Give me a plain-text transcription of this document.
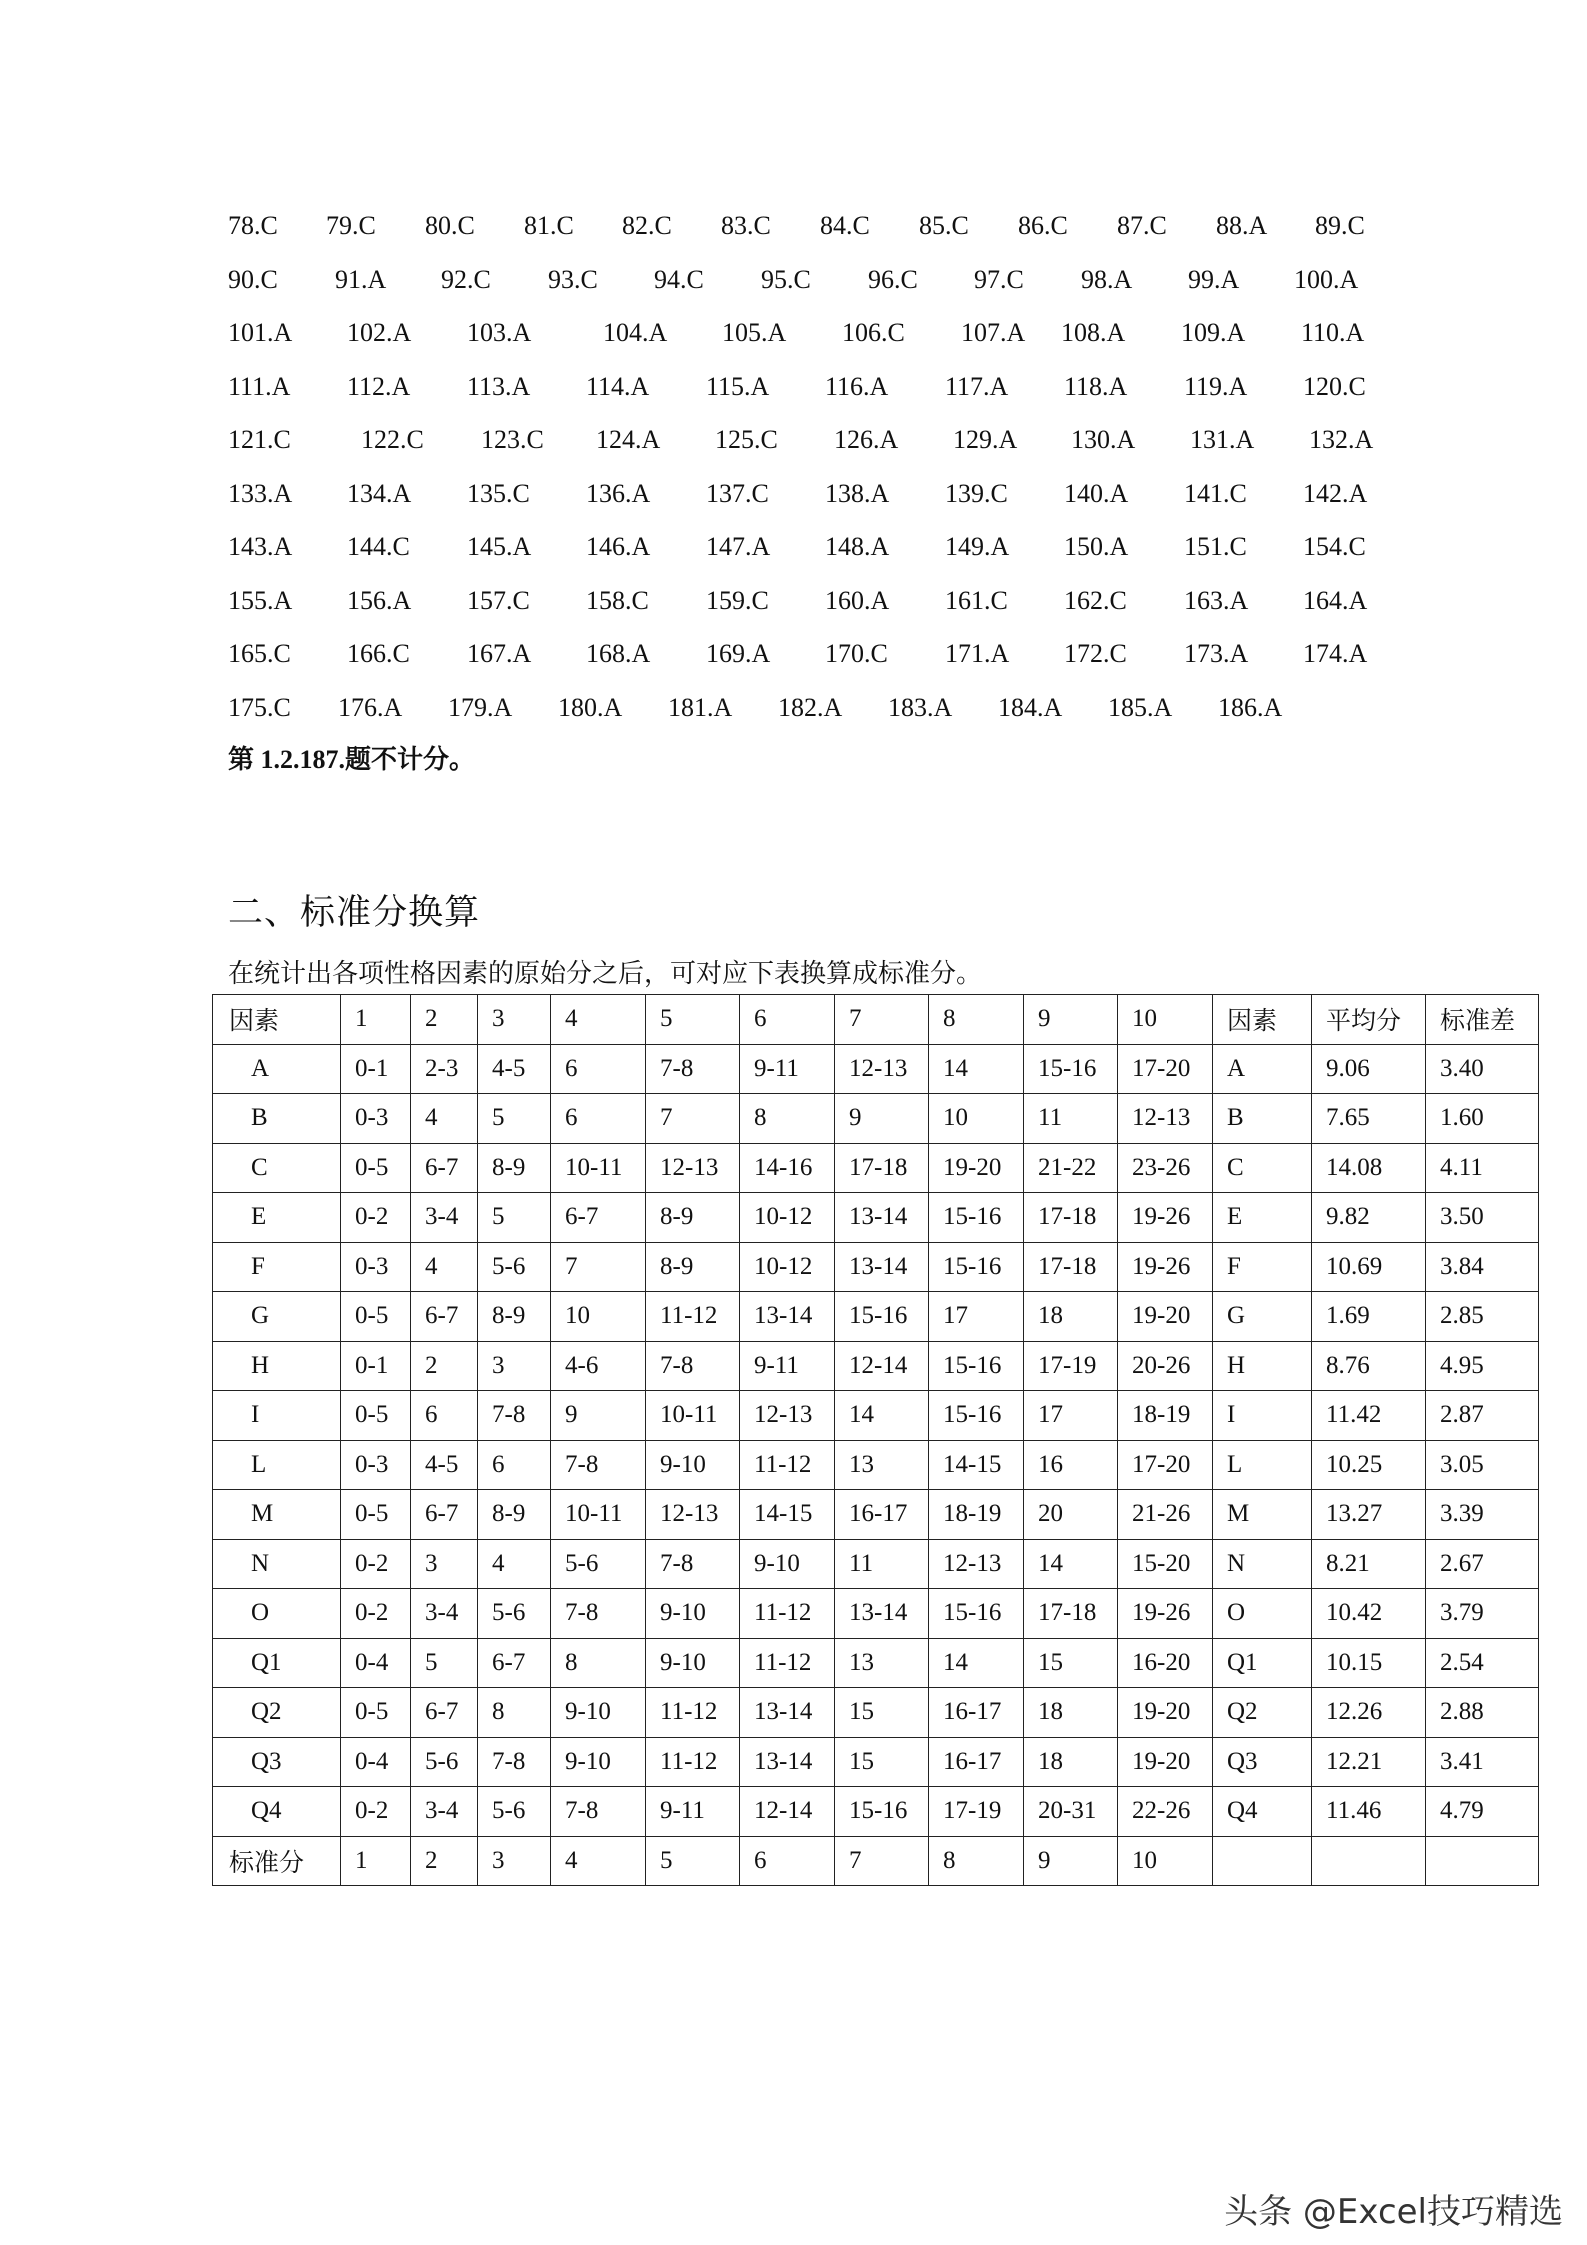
78.C 79.C 80.C 81.C 82.C 83.C 84.C 85.C 86.C 87.C 88.A 89.C
90.C 91.A 92.C 93.C 94.C 95.C 96.C 97.C 98.A 99.A 100.A
101.A 102.A 103.A	104.A 105.A 106.C 107.A 108.A 109.A 110.A
111.A 112.A 113.A 114.A 115.A 116.A 117.A 118.A 119.A 120.C
121.C	122.C 123.C 124.A 125.C 126.A 129.A 130.A 131.A 132.A
133.A 134.A 135.C 136.A 137.C 138.A 139.C 140.A 141.C 142.A
143.A 144.C 145.A 146.A 147.A 148.A 149.A 150.A 151.C 154.C
155.A 156.A 157.C 158.C 159.C 160.A 161.C 162.C 163.A 164.A
165.C 166.C 167.A 168.A 169.A 170.C 171.A 172.C 173.A 174.A
175.C 176.A 179.A 180.A 181.A 182.A 183.A 184.A 185.A 186.A
第 1.2.187.题不计分。
二、标准分换算
在统计出各项性格因素的原始分之后，可对应下表换算成标准分。
因素	1	2	3	4	5	6	7	8	9	10	因素	平均分	标准差
A	0-1	2-3	4-5	6	7-8	9-11	12-13	14	15-16	17-20	A	9.06	3.40
B	0-3	4	5	6	7	8	9	10	11	12-13	B	7.65	1.60
C	0-5	6-7	8-9	10-11	12-13	14-16	17-18	19-20	21-22	23-26	C	14.08	4.11
E	0-2	3-4	5	6-7	8-9	10-12	13-14	15-16	17-18	19-26	E	9.82	3.50
F	0-3	4	5-6	7	8-9	10-12	13-14	15-16	17-18	19-26	F	10.69	3.84
G	0-5	6-7	8-9	10	11-12	13-14	15-16	17	18	19-20	G	1.69	2.85
H	0-1	2	3	4-6	7-8	9-11	12-14	15-16	17-19	20-26	H	8.76	4.95
I	0-5	6	7-8	9	10-11	12-13	14	15-16	17	18-19	I	11.42	2.87
L	0-3	4-5	6	7-8	9-10	11-12	13	14-15	16	17-20	L	10.25	3.05
M	0-5	6-7	8-9	10-11	12-13	14-15	16-17	18-19	20	21-26	M	13.27	3.39
N	0-2	3	4	5-6	7-8	9-10	11	12-13	14	15-20	N	8.21	2.67
O	0-2	3-4	5-6	7-8	9-10	11-12	13-14	15-16	17-18	19-26	O	10.42	3.79
Q1	0-4	5	6-7	8	9-10	11-12	13	14	15	16-20	Q1	10.15	2.54
Q2	0-5	6-7	8	9-10	11-12	13-14	15	16-17	18	19-20	Q2	12.26	2.88
Q3	0-4	5-6	7-8	9-10	11-12	13-14	15	16-17	18	19-20	Q3	12.21	3.41
Q4	0-2	3-4	5-6	7-8	9-11	12-14	15-16	17-19	20-31	22-26	Q4	11.46	4.79
标准分	1	2	3	4	5	6	7	8	9	10			
头条 @Excel技巧精选
